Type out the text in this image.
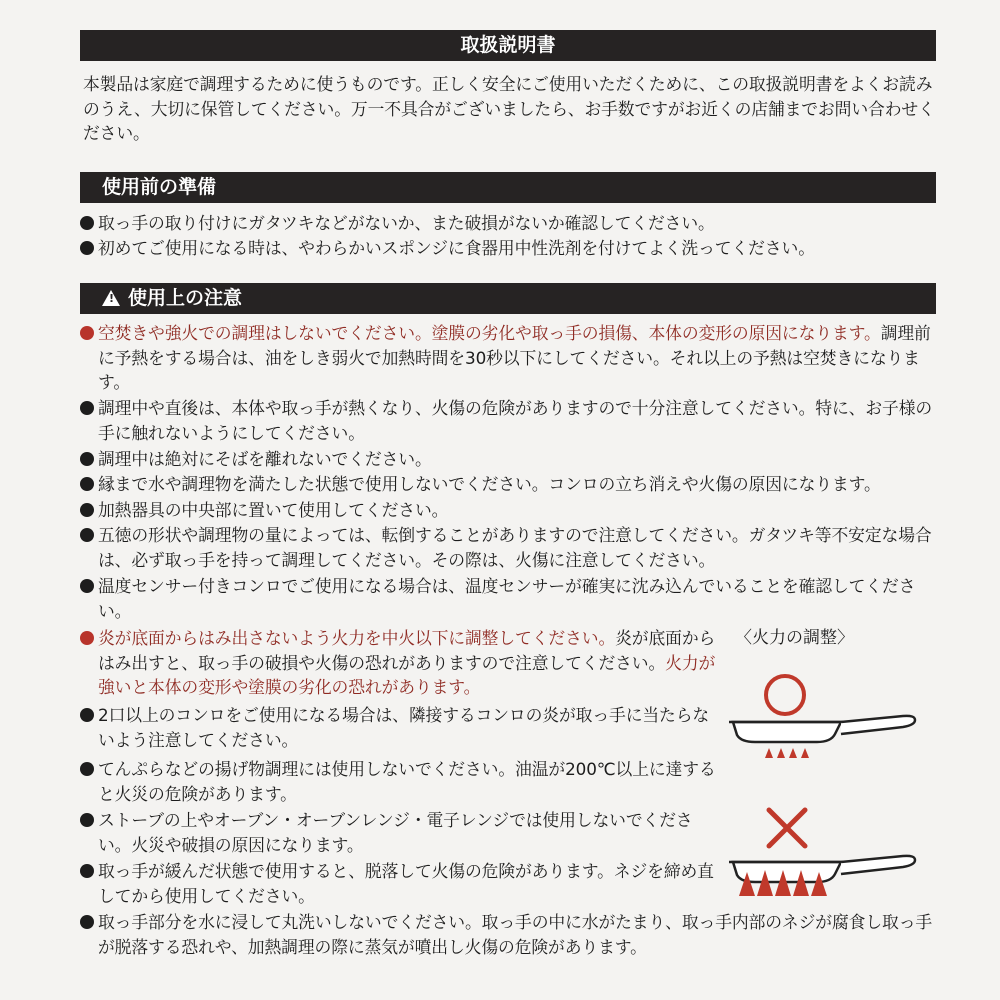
取扱説明書
本製品は家庭で調理するために使うものです。正しく安全にご使用いただくために、この取扱説明書をよくお読みのうえ、大切に保管してください。万一不具合がございましたら、お手数ですがお近くの店舗までお問い合わせください。
使用前の準備
取っ手の取り付けにガタツキなどがないか、また破損がないか確認してください。
初めてご使用になる時は、やわらかいスポンジに食器用中性洗剤を付けてよく洗ってください。
!使用上の注意
空焚きや強火での調理はしないでください。塗膜の劣化や取っ手の損傷、本体の変形の原因になります。調理前に予熱をする場合は、油をしき弱火で加熱時間を30秒以下にしてください。それ以上の予熱は空焚きになります。
調理中や直後は、本体や取っ手が熱くなり、火傷の危険がありますので十分注意してください。特に、お子様の手に触れないようにしてください。
調理中は絶対にそばを離れないでください。
縁まで水や調理物を満たした状態で使用しないでください。コンロの立ち消えや火傷の原因になります。
加熱器具の中央部に置いて使用してください。
五徳の形状や調理物の量によっては、転倒することがありますので注意してください。ガタツキ等不安定な場合は、必ず取っ手を持って調理してください。その際は、火傷に注意してください。
温度センサー付きコンロでご使用になる場合は、温度センサーが確実に沈み込んでいることを確認してください。
〈火力の調整〉
炎が底面からはみ出さないよう火力を中火以下に調整してください。炎が底面からはみ出すと、取っ手の破損や火傷の恐れがありますので注意してください。火力が強いと本体の変形や塗膜の劣化の恐れがあります。
2口以上のコンロをご使用になる場合は、隣接するコンロの炎が取っ手に当たらないよう注意してください。
てんぷらなどの揚げ物調理には使用しないでください。油温が200℃以上に達すると火災の危険があります。
ストーブの上やオーブン・オーブンレンジ・電子レンジでは使用しないでください。火災や破損の原因になります。
取っ手が緩んだ状態で使用すると、脱落して火傷の危険があります。ネジを締め直してから使用してください。
取っ手部分を水に浸して丸洗いしないでください。取っ手の中に水がたまり、取っ手内部のネジが腐食し取っ手が脱落する恐れや、加熱調理の際に蒸気が噴出し火傷の危険があります。
